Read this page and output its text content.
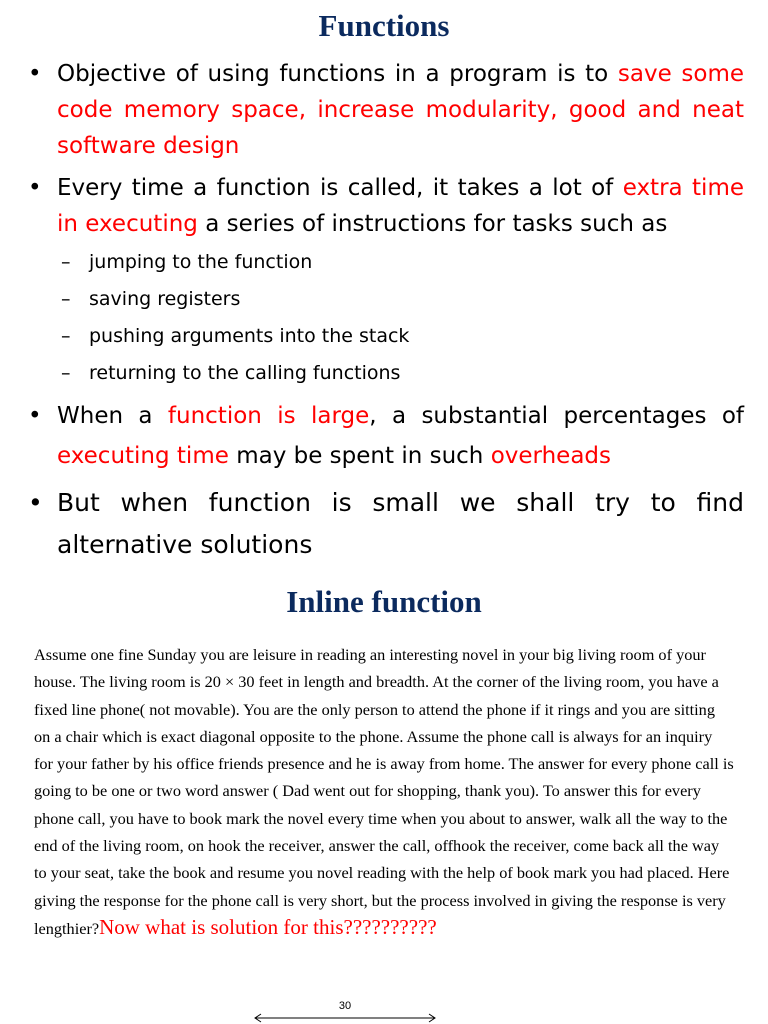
Functions
• Objective of using functions in a program is to save some code memory space, increase modularity, good and neat software design
• Every time a function is called, it takes a lot of extra time in executing a series of instructions for tasks such as
– jumping to the function
– saving registers
– pushing arguments into the stack
– returning to the calling functions
• When a function is large, a substantial percentages of executing time may be spent in such overheads
• But when function is small we shall try to find alternative solutions
Inline function
Assume one fine Sunday you are leisure in reading an interesting novel in your big living room of your house. The living room is 20 × 30 feet in length and breadth. At the corner of the living room, you have a fixed line phone( not movable). You are the only person to attend the phone if it rings and you are sitting on a chair which is exact diagonal opposite to the phone. Assume the phone call is always for an inquiry for your father by his office friends presence and he is away from home. The answer for every phone call is going to be one or two word answer ( Dad went out for shopping, thank you). To answer this for every phone call, you have to book mark the novel every time when you about to answer, walk all the way to the end of the living room, on hook the receiver, answer the call, offhook the receiver, come back all the way to your seat, take the book and resume you novel reading with the help of book mark you had placed. Here giving the response for the phone call is very short, but the process involved in giving the response is very lengthier?Now what is solution for this??????????
30
